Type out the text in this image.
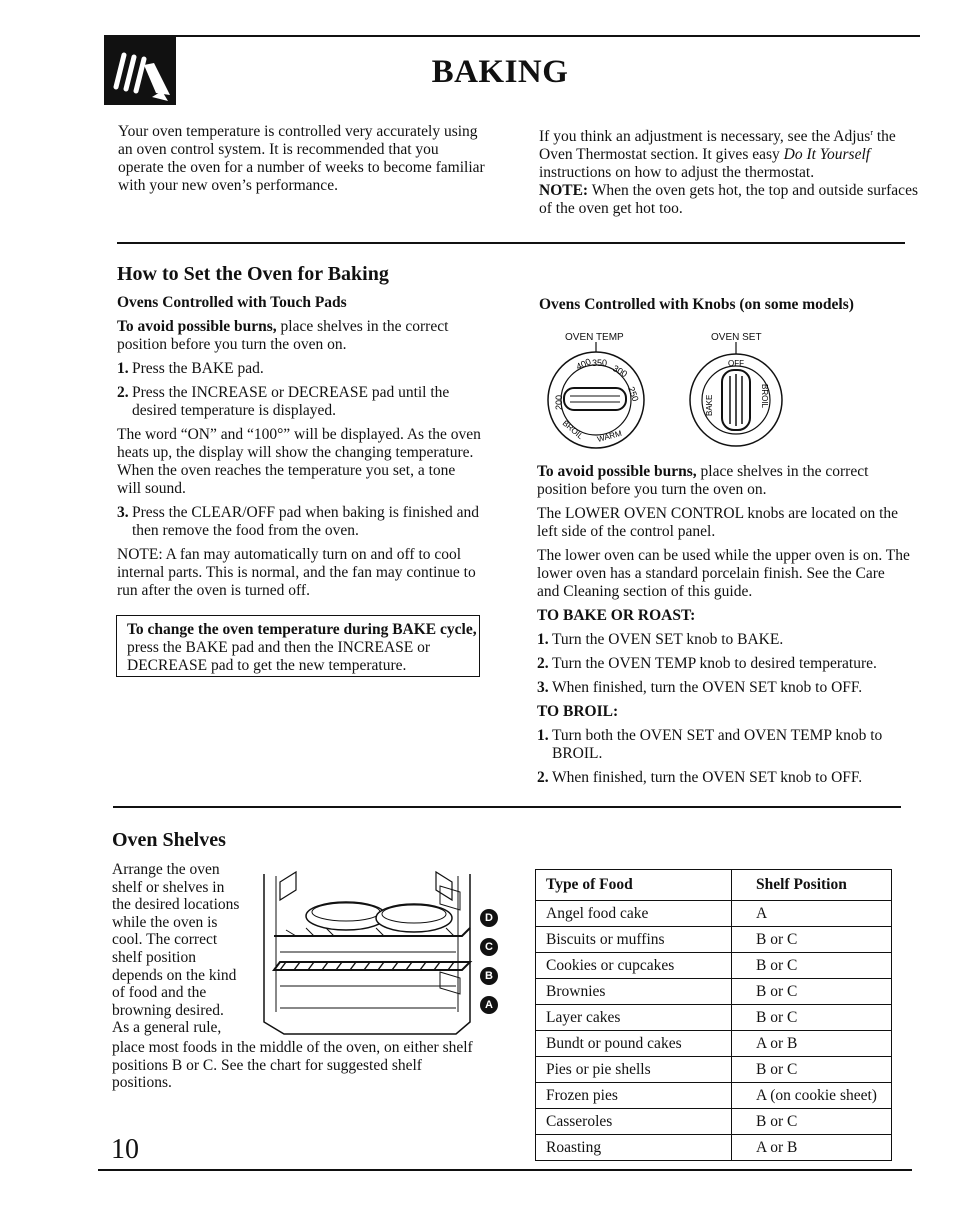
BAKING
Your oven temperature is controlled very accurately using an oven control system. It is recommended that you operate the oven for a number of weeks to become familiar with your new oven’s performance.
If you think an adjustment is necessary, see the Adjus$^r$ the Oven Thermostat section. It gives easy Do It Yourself instructions on how to adjust the thermostat.
NOTE: When the oven gets hot, the top and outside surfaces of the oven get hot too.
How to Set the Oven for Baking
Ovens Controlled with Touch Pads

To avoid possible burns, place shelves in the correct position before you turn the oven on.

1. Press the BAKE pad.
2. Press the INCREASE or DECREASE pad until the desired temperature is displayed.

The word “ON” and “100°” will be displayed. As the oven heats up, the display will show the changing temperature. When the oven reaches the temperature you set, a tone will sound.

3. Press the CLEAR/OFF pad when baking is finished and then remove the food from the oven.

NOTE: A fan may automatically turn on and off to cool internal parts. This is normal, and the fan may continue to run after the oven is turned off.

To change the oven temperature during BAKE cycle, press the BAKE pad and then the INCREASE or DECREASE pad to get the new temperature.
Ovens Controlled with Knobs (on some models)
OVEN TEMP	OVEN SET
400 350
300
250
200
WARM
BROIL
OFF
BAKE	BROIL

To avoid possible burns, place shelves in the correct position before you turn the oven on.

The LOWER OVEN CONTROL knobs are located on the left side of the control panel.

The lower oven can be used while the upper oven is on. The lower oven has a standard porcelain finish. See the Care and Cleaning section of this guide.

TO BAKE OR ROAST:
1. Turn the OVEN SET knob to BAKE.
2. Turn the OVEN TEMP knob to desired temperature.
3. When finished, turn the OVEN SET knob to OFF.
TO BROIL:
1. Turn both the OVEN SET and OVEN TEMP knob to BROIL.
2. When finished, turn the OVEN SET knob to OFF.
Oven Shelves
Arrange the oven
shelf or shelves in
the desired locations
while the oven is
cool. The correct
shelf position
depends on the kind
of food and the
browning desired.
As a general rule,
place most foods in the middle of the oven, on either shelf positions B or C. See the chart for suggested shelf positions.
D
C
B
A
Type of Food	Shelf Position
Angel food cake	A
Biscuits or muffins	B or C
Cookies or cupcakes	B or C
Brownies	B or C
Layer cakes	B or C
Bundt or pound cakes	A or B
Pies or pie shells	B or C
Frozen pies	A (on cookie sheet)
Casseroles	B or C
Roasting	A or B
10
